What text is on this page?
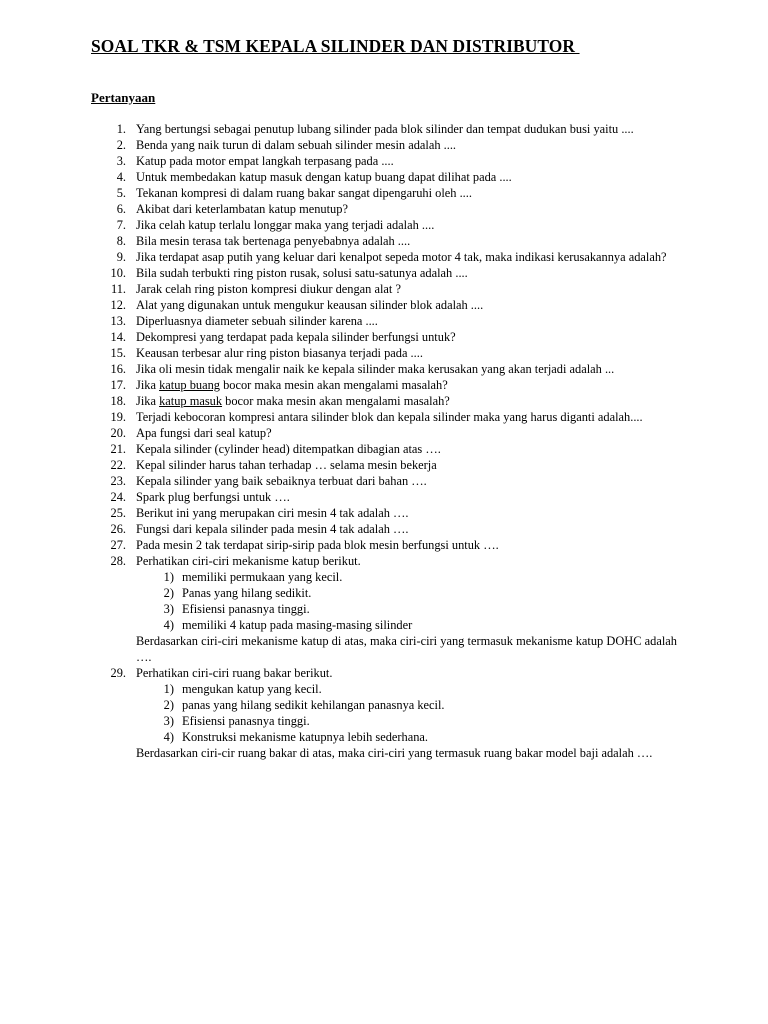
SOAL TKR & TSM KEPALA SILINDER DAN DISTRIBUTOR
Pertanyaan
1. Yang bertungsi sebagai penutup lubang silinder pada blok silinder dan tempat dudukan busi yaitu ....
2. Benda yang naik turun di dalam sebuah silinder mesin adalah ....
3. Katup pada motor empat langkah terpasang pada ....
4. Untuk membedakan katup masuk dengan katup buang dapat dilihat pada ....
5. Tekanan kompresi di dalam ruang bakar sangat dipengaruhi oleh ....
6. Akibat dari keterlambatan katup menutup?
7. Jika celah katup terlalu longgar maka yang terjadi adalah ....
8. Bila mesin terasa tak bertenaga penyebabnya adalah ....
9. Jika terdapat asap putih yang keluar dari kenalpot sepeda motor 4 tak, maka indikasi kerusakannya adalah?
10. Bila sudah terbukti ring piston rusak, solusi satu-satunya adalah ....
11. Jarak celah ring piston kompresi diukur dengan alat ?
12. Alat yang digunakan untuk mengukur keausan silinder blok adalah ....
13. Diperluasnya diameter sebuah silinder karena ....
14. Dekompresi yang terdapat pada kepala silinder berfungsi untuk?
15. Keausan terbesar alur ring piston biasanya terjadi pada ....
16. Jika oli mesin tidak mengalir naik ke kepala silinder maka kerusakan yang akan terjadi adalah ...
17. Jika katup buang bocor maka mesin akan mengalami masalah?
18. Jika katup masuk bocor maka mesin akan mengalami masalah?
19. Terjadi kebocoran kompresi antara silinder blok dan kepala silinder maka yang harus diganti adalah....
20. Apa fungsi dari seal katup?
21. Kepala silinder (cylinder head) ditempatkan dibagian atas ….
22. Kepal silinder harus tahan terhadap … selama mesin bekerja
23. Kepala silinder yang baik sebaiknya terbuat dari bahan ….
24. Spark plug berfungsi untuk ….
25. Berikut ini yang merupakan ciri mesin 4 tak adalah ….
26. Fungsi dari kepala silinder pada mesin 4 tak adalah ….
27. Pada mesin 2 tak terdapat sirip-sirip pada blok mesin berfungsi untuk ….
28. Perhatikan ciri-ciri mekanisme katup berikut.
1) memiliki permukaan yang kecil.
2) Panas yang hilang sedikit.
3) Efisiensi panasnya tinggi.
4) memiliki 4 katup pada masing-masing silinder
Berdasarkan ciri-ciri mekanisme katup di atas, maka ciri-ciri yang termasuk mekanisme katup DOHC adalah ….
29. Perhatikan ciri-ciri ruang bakar berikut.
1) mengukan katup yang kecil.
2) panas yang hilang sedikit kehilangan panasnya kecil.
3) Efisiensi panasnya tinggi.
4) Konstruksi mekanisme katupnya lebih sederhana.
Berdasarkan ciri-cir ruang bakar di atas, maka ciri-ciri yang termasuk ruang bakar model baji adalah ….
